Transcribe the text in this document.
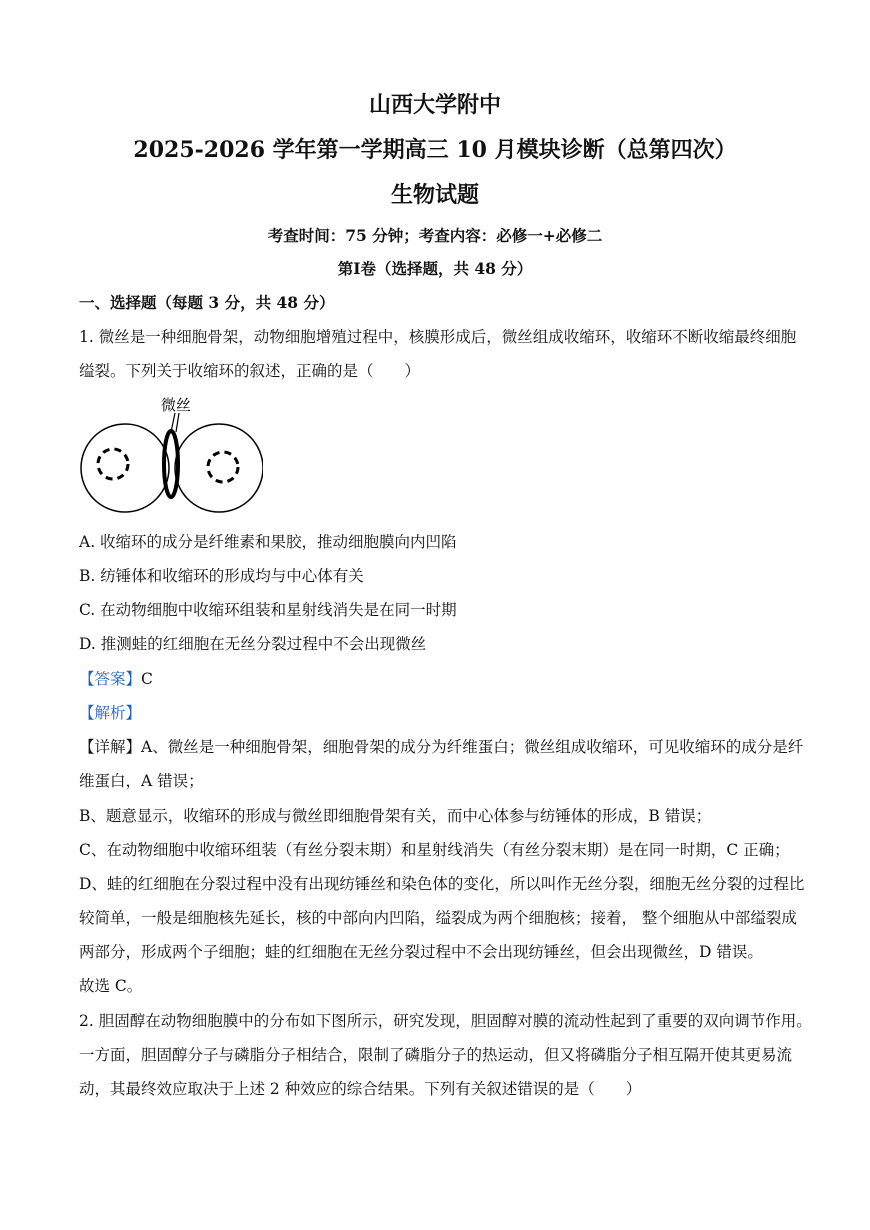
山西大学附中
2025-2026 学年第一学期高三 10 月模块诊断（总第四次）
生物试题
考查时间：75 分钟；考查内容：必修一+必修二
第Ⅰ卷（选择题，共 48 分）
一、选择题（每题 3 分，共 48 分）
1. 微丝是一种细胞骨架，动物细胞增殖过程中，核膜形成后，微丝组成收缩环，收缩环不断收缩最终细胞
缢裂。下列关于收缩环的叙述，正确的是（　　）
微丝
A. 收缩环的成分是纤维素和果胶，推动细胞膜向内凹陷
B. 纺锤体和收缩环的形成均与中心体有关
C. 在动物细胞中收缩环组装和星射线消失是在同一时期
D. 推测蛙的红细胞在无丝分裂过程中不会出现微丝
【答案】C
【解析】
【详解】A、微丝是一种细胞骨架，细胞骨架的成分为纤维蛋白；微丝组成收缩环，可见收缩环的成分是纤
维蛋白，A 错误；
B、题意显示，收缩环的形成与微丝即细胞骨架有关，而中心体参与纺锤体的形成，B 错误；
C、在动物细胞中收缩环组装（有丝分裂末期）和星射线消失（有丝分裂末期）是在同一时期，C 正确；
D、蛙的红细胞在分裂过程中没有出现纺锤丝和染色体的变化，所以叫作无丝分裂，细胞无丝分裂的过程比
较简单，一般是细胞核先延长，核的中部向内凹陷，缢裂成为两个细胞核；接着， 整个细胞从中部缢裂成
两部分，形成两个子细胞；蛙的红细胞在无丝分裂过程中不会出现纺锤丝，但会出现微丝，D 错误。
故选 C。
2. 胆固醇在动物细胞膜中的分布如下图所示，研究发现，胆固醇对膜的流动性起到了重要的双向调节作用。
一方面，胆固醇分子与磷脂分子相结合，限制了磷脂分子的热运动，但又将磷脂分子相互隔开使其更易流
动，其最终效应取决于上述 2 种效应的综合结果。下列有关叙述错误的是（　　）
